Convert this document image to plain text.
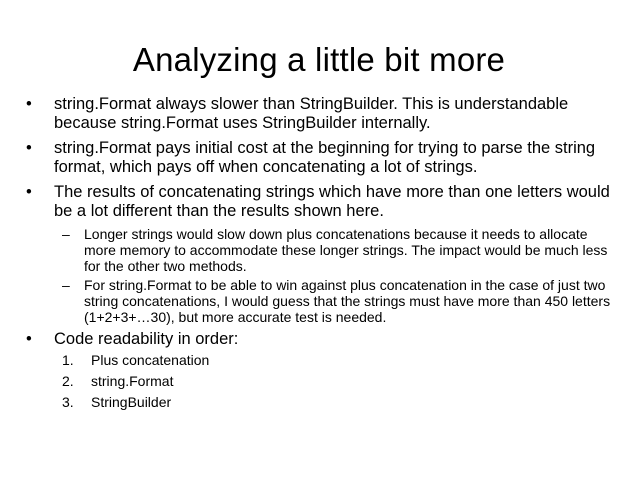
Analyzing a little bit more
• string.Format always slower than StringBuilder. This is understandable because string.Format uses StringBuilder internally.
• string.Format pays initial cost at the beginning for trying to parse the string format, which pays off when concatenating a lot of strings.
• The results of concatenating strings which have more than one letters would be a lot different than the results shown here.
– Longer strings would slow down plus concatenations because it needs to allocate more memory to accommodate these longer strings. The impact would be much less for the other two methods.
– For string.Format to be able to win against plus concatenation in the case of just two string concatenations, I would guess that the strings must have more than 450 letters (1+2+3+…30), but more accurate test is needed.
• Code readability in order:
1. Plus concatenation
2. string.Format
3. StringBuilder
